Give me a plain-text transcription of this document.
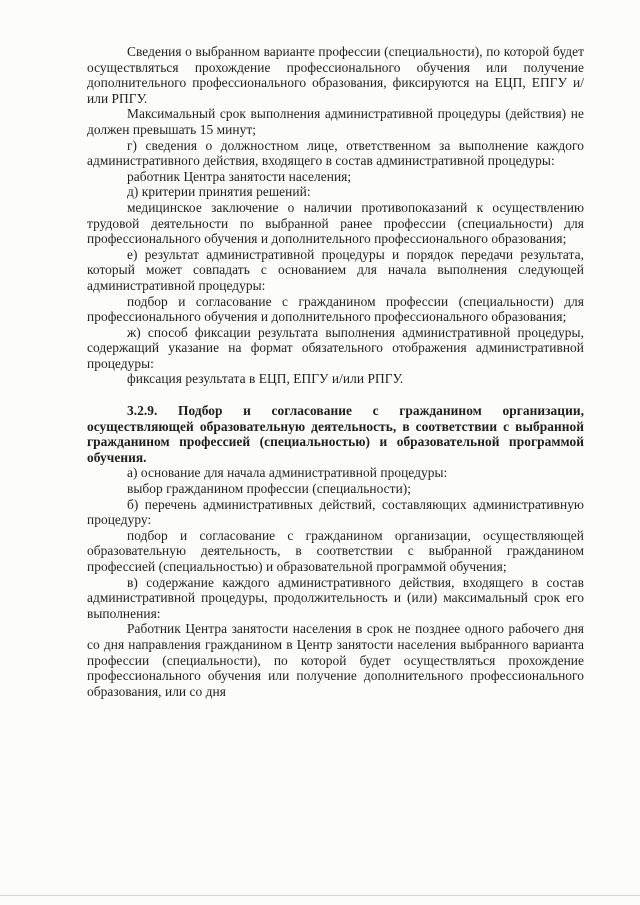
Сведения о выбранном варианте профессии (специальности), по которой будет осуществляться прохождение профессионального обучения или получение дополнительного профессионального образования, фиксируются на ЕЦП, ЕПГУ и/или РПГУ.

Максимальный срок выполнения административной процедуры (действия) не должен превышать 15 минут;

г) сведения о должностном лице, ответственном за выполнение каждого административного действия, входящего в состав административной процедуры:

работник Центра занятости населения;

д) критерии принятия решений:

медицинское заключение о наличии противопоказаний к осуществлению трудовой деятельности по выбранной ранее профессии (специальности) для профессионального обучения и дополнительного профессионального образования;

е) результат административной процедуры и порядок передачи результата, который может совпадать с основанием для начала выполнения следующей административной процедуры:

подбор и согласование с гражданином профессии (специальности) для профессионального обучения и дополнительного профессионального образования;

ж) способ фиксации результата выполнения административной процедуры, содержащий указание на формат обязательного отображения административной процедуры:

фиксация результата в ЕЦП, ЕПГУ и/или РПГУ.

3.2.9. Подбор и согласование с гражданином организации, осуществляющей образовательную деятельность, в соответствии с выбранной гражданином профессией (специальностью) и образовательной программой обучения.

а) основание для начала административной процедуры:

выбор гражданином профессии (специальности);

б) перечень административных действий, составляющих административную процедуру:

подбор и согласование с гражданином организации, осуществляющей образовательную деятельность, в соответствии с выбранной гражданином профессией (специальностью) и образовательной программой обучения;

в) содержание каждого административного действия, входящего в состав административной процедуры, продолжительность и (или) максимальный срок его выполнения:

Работник Центра занятости населения в срок не позднее одного рабочего дня со дня направления гражданином в Центр занятости населения выбранного варианта профессии (специальности), по которой будет осуществляться прохождение профессионального обучения или получение дополнительного профессионального образования, или со дня
